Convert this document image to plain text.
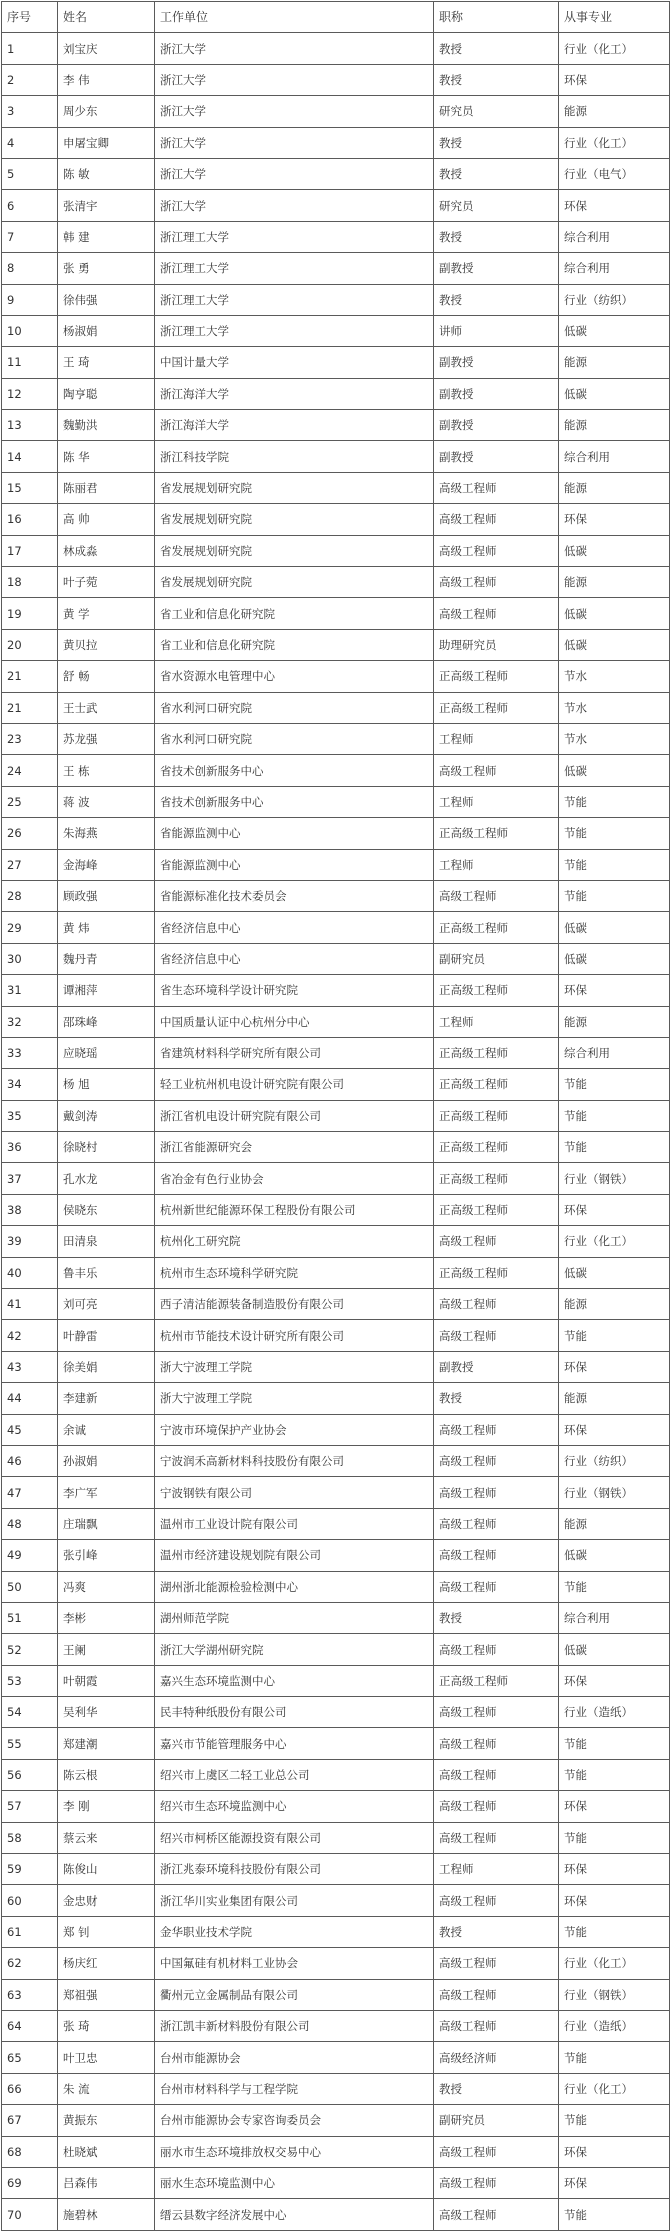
序号	姓名	工作单位	职称	从事专业
1	刘宝庆	浙江大学	教授	行业（化工）
2	李 伟	浙江大学	教授	环保
3	周少东	浙江大学	研究员	能源
4	申屠宝卿	浙江大学	教授	行业（化工）
5	陈 敏	浙江大学	教授	行业（电气）
6	张清宇	浙江大学	研究员	环保
7	韩 建	浙江理工大学	教授	综合利用
8	张 勇	浙江理工大学	副教授	综合利用
9	徐伟强	浙江理工大学	教授	行业（纺织）
10	杨淑娟	浙江理工大学	讲师	低碳
11	王 琦	中国计量大学	副教授	能源
12	陶亨聪	浙江海洋大学	副教授	低碳
13	魏勤洪	浙江海洋大学	副教授	能源
14	陈 华	浙江科技学院	副教授	综合利用
15	陈丽君	省发展规划研究院	高级工程师	能源
16	高 帅	省发展规划研究院	高级工程师	环保
17	林成淼	省发展规划研究院	高级工程师	低碳
18	叶子菀	省发展规划研究院	高级工程师	能源
19	黄 学	省工业和信息化研究院	高级工程师	低碳
20	黄贝拉	省工业和信息化研究院	助理研究员	低碳
21	舒 畅	省水资源水电管理中心	正高级工程师	节水
21	王士武	省水利河口研究院	正高级工程师	节水
23	苏龙强	省水利河口研究院	工程师	节水
24	王 栋	省技术创新服务中心	高级工程师	低碳
25	蒋 波	省技术创新服务中心	工程师	节能
26	朱海燕	省能源监测中心	正高级工程师	节能
27	金海峰	省能源监测中心	工程师	节能
28	顾政强	省能源标准化技术委员会	高级工程师	节能
29	黄 炜	省经济信息中心	正高级工程师	低碳
30	魏丹青	省经济信息中心	副研究员	低碳
31	谭湘萍	省生态环境科学设计研究院	正高级工程师	环保
32	邵珠峰	中国质量认证中心杭州分中心	工程师	能源
33	应晓瑶	省建筑材料科学研究所有限公司	正高级工程师	综合利用
34	杨 旭	轻工业杭州机电设计研究院有限公司	正高级工程师	节能
35	戴剑涛	浙江省机电设计研究院有限公司	正高级工程师	节能
36	徐晓村	浙江省能源研究会	正高级工程师	节能
37	孔水龙	省冶金有色行业协会	正高级工程师	行业（钢铁）
38	侯晓东	杭州新世纪能源环保工程股份有限公司	正高级工程师	环保
39	田清泉	杭州化工研究院	高级工程师	行业（化工）
40	鲁丰乐	杭州市生态环境科学研究院	正高级工程师	低碳
41	刘可亮	西子清洁能源装备制造股份有限公司	高级工程师	能源
42	叶静雷	杭州市节能技术设计研究所有限公司	高级工程师	节能
43	徐美娟	浙大宁波理工学院	副教授	环保
44	李建新	浙大宁波理工学院	教授	能源
45	余诚	宁波市环境保护产业协会	高级工程师	环保
46	孙淑娟	宁波润禾高新材料科技股份有限公司	高级工程师	行业（纺织）
47	李广军	宁波钢铁有限公司	高级工程师	行业（钢铁）
48	庄瑞飘	温州市工业设计院有限公司	高级工程师	能源
49	张引峰	温州市经济建设规划院有限公司	高级工程师	低碳
50	冯爽	湖州浙北能源检验检测中心	高级工程师	节能
51	李彬	湖州师范学院	教授	综合利用
52	王阑	浙江大学湖州研究院	高级工程师	低碳
53	叶朝霞	嘉兴生态环境监测中心	正高级工程师	环保
54	吴利华	民丰特种纸股份有限公司	高级工程师	行业（造纸）
55	郑建潮	嘉兴市节能管理服务中心	高级工程师	节能
56	陈云根	绍兴市上虞区二轻工业总公司	高级工程师	节能
57	李 刚	绍兴市生态环境监测中心	高级工程师	环保
58	蔡云来	绍兴市柯桥区能源投资有限公司	高级工程师	节能
59	陈俊山	浙江兆泰环境科技股份有限公司	工程师	环保
60	金忠财	浙江华川实业集团有限公司	高级工程师	环保
61	郑 钊	金华职业技术学院	教授	节能
62	杨庆红	中国氟硅有机材料工业协会	高级工程师	行业（化工）
63	郑祖强	衢州元立金属制品有限公司	高级工程师	行业（钢铁）
64	张 琦	浙江凯丰新材料股份有限公司	高级工程师	行业（造纸）
65	叶卫忠	台州市能源协会	高级经济师	节能
66	朱 流	台州市材料科学与工程学院	教授	行业（化工）
67	黄振东	台州市能源协会专家咨询委员会	副研究员	节能
68	杜晓斌	丽水市生态环境排放权交易中心	高级工程师	环保
69	吕森伟	丽水生态环境监测中心	高级工程师	环保
70	施碧林	缙云县数字经济发展中心	高级工程师	节能
